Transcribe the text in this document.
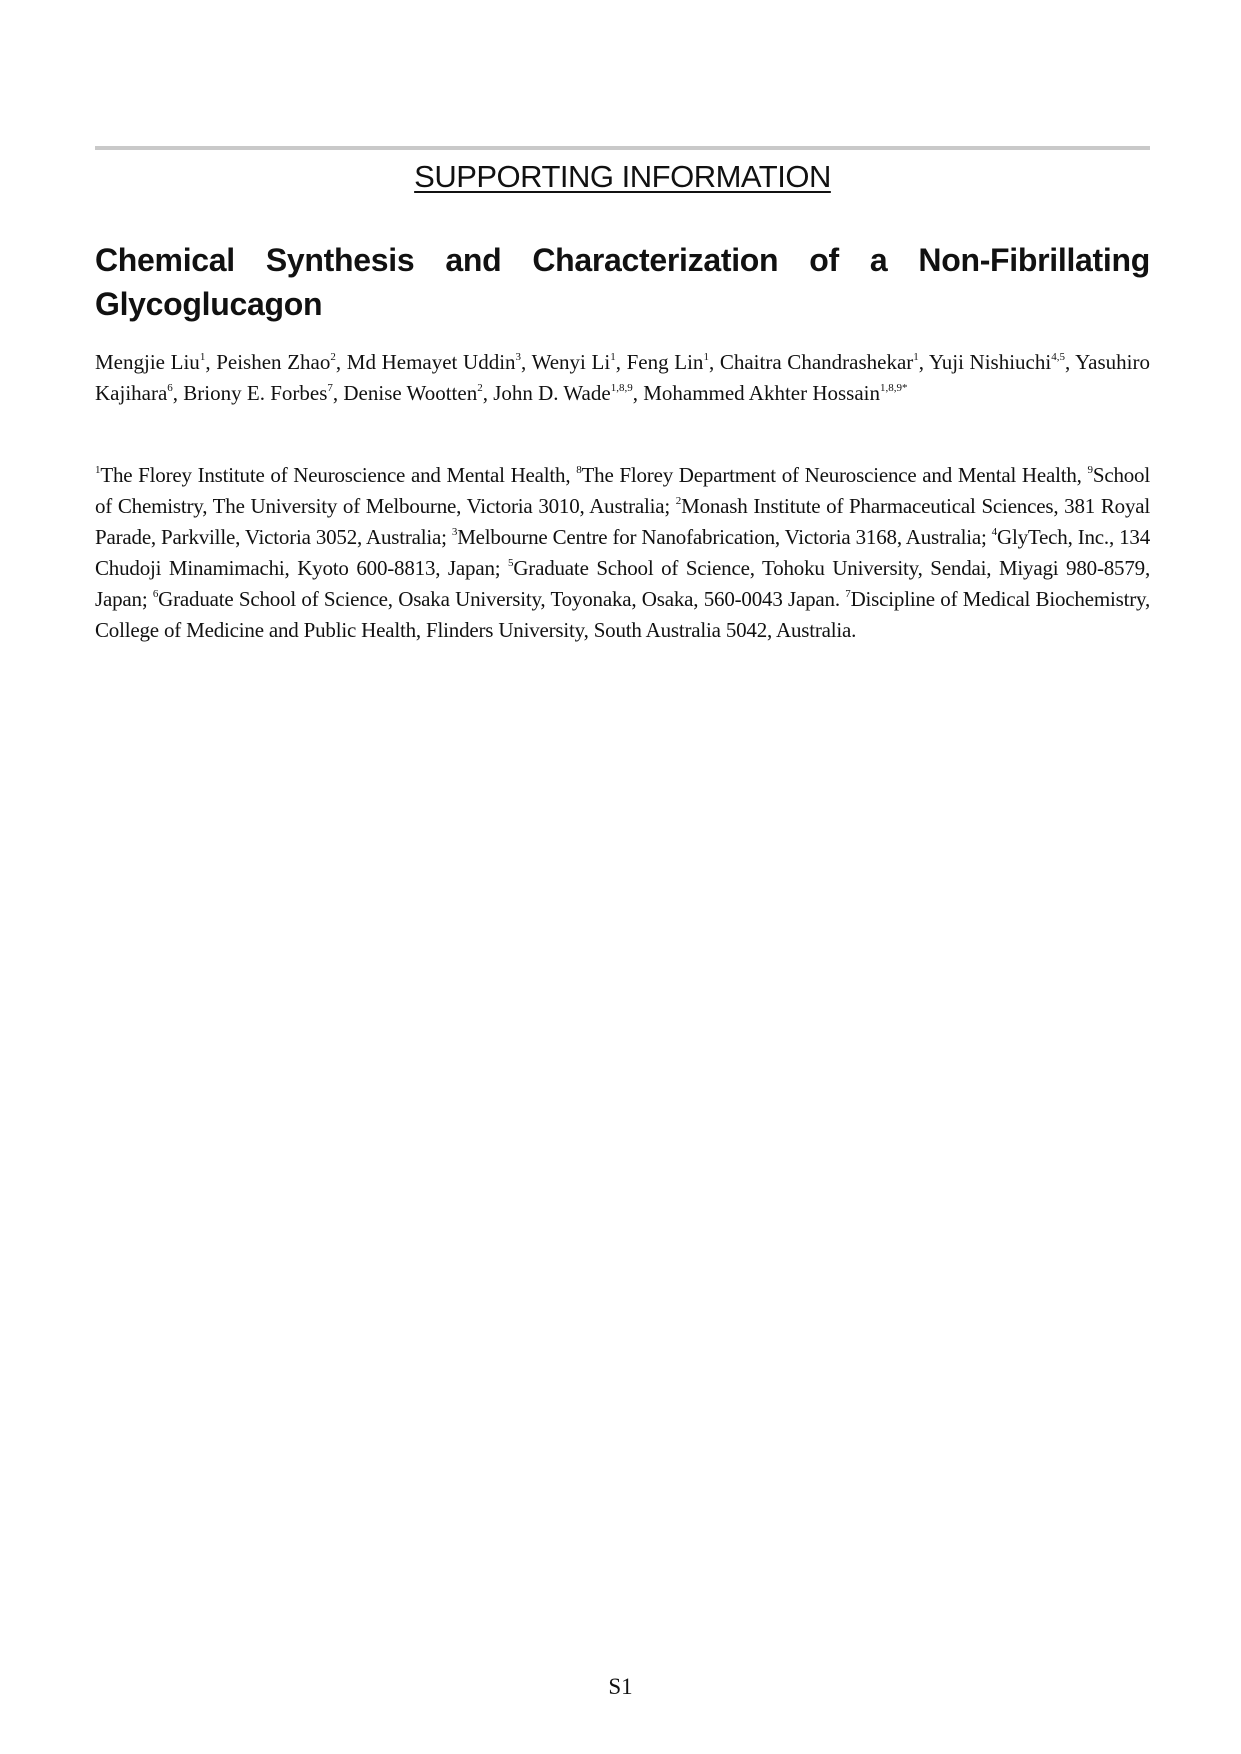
SUPPORTING INFORMATION
Chemical Synthesis and Characterization of a Non-Fibrillating Glycoglucagon

Mengjie Liu$^1$, Peishen Zhao$^2$, Md Hemayet Uddin$^3$, Wenyi Li$^1$, Feng Lin$^1$, Chaitra Chandrashekar$^1$, Yuji Nishiuchi$^{4,5}$, Yasuhiro Kajihara$^6$, Briony E. Forbes$^7$, Denise Wootten$^2$, John D. Wade$^{1,8,9}$, Mohammed Akhter Hossain$^{1,8,9*}$

$^1$The Florey Institute of Neuroscience and Mental Health, $^8$The Florey Department of Neuroscience and Mental Health, $^9$School of Chemistry, The University of Melbourne, Victoria 3010, Australia; $^2$Monash Institute of Pharmaceutical Sciences, 381 Royal Parade, Parkville, Victoria 3052, Australia; $^3$Melbourne Centre for Nanofabrication, Victoria 3168, Australia; $^4$GlyTech, Inc., 134 Chudoji Minamimachi, Kyoto 600-8813, Japan; $^5$Graduate School of Science, Tohoku University, Sendai, Miyagi 980-8579, Japan; $^6$Graduate School of Science, Osaka University, Toyonaka, Osaka, 560-0043 Japan. $^7$Discipline of Medical Biochemistry, College of Medicine and Public Health, Flinders University, South Australia 5042, Australia.

S1
